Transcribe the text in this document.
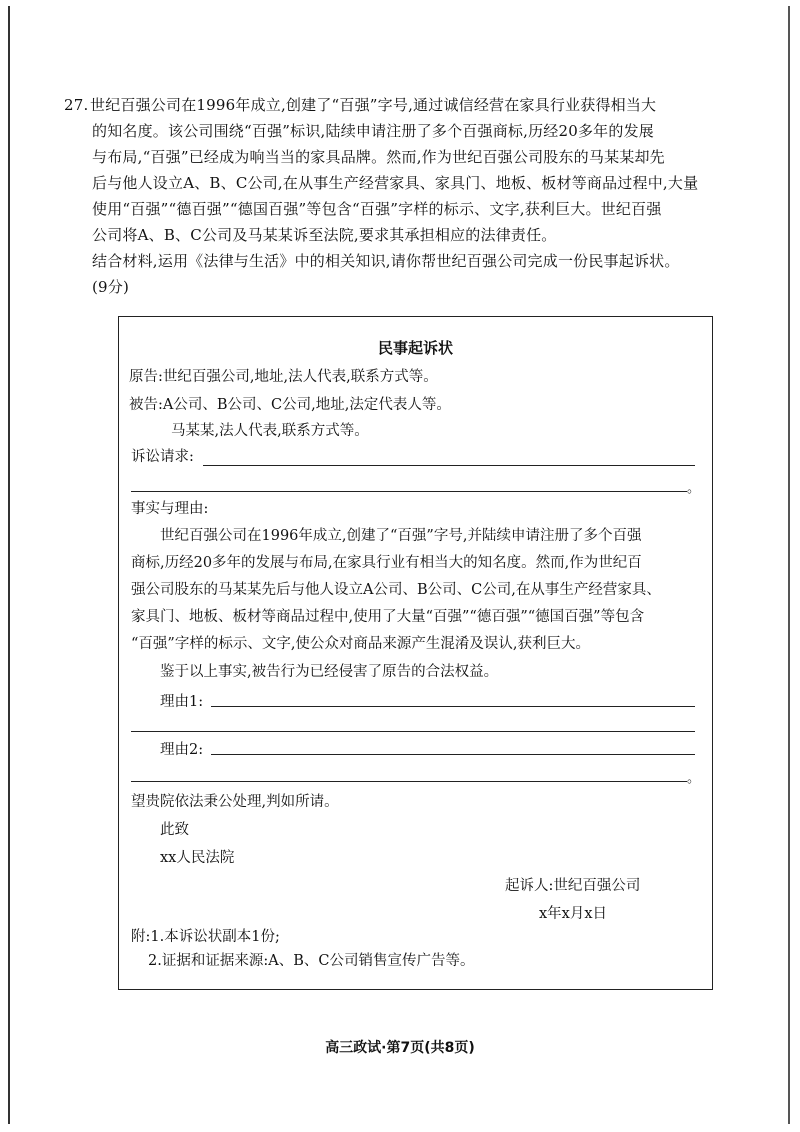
27. 世纪百强公司在1996年成立,创建了“百强”字号,通过诚信经营在家具行业获得相当大
的知名度。该公司围绕“百强”标识,陆续申请注册了多个百强商标,历经20多年的发展
与布局,“百强”已经成为响当当的家具品牌。然而,作为世纪百强公司股东的马某某却先
后与他人设立A、B、C公司,在从事生产经营家具、家具门、地板、板材等商品过程中,大量
使用“百强”“德百强”“德国百强”等包含“百强”字样的标示、文字,获利巨大。世纪百强
公司将A、B、C公司及马某某诉至法院,要求其承担相应的法律责任。
结合材料,运用《法律与生活》中的相关知识,请你帮世纪百强公司完成一份民事起诉状。
(9分)
民事起诉状
原告:世纪百强公司,地址,法人代表,联系方式等。
被告:A公司、B公司、C公司,地址,法定代表人等。
马某某,法人代表,联系方式等。
诉讼请求:
。
事实与理由:
世纪百强公司在1996年成立,创建了“百强”字号,并陆续申请注册了多个百强
商标,历经20多年的发展与布局,在家具行业有相当大的知名度。然而,作为世纪百
强公司股东的马某某先后与他人设立A公司、B公司、C公司,在从事生产经营家具、
家具门、地板、板材等商品过程中,使用了大量“百强”“德百强”“德国百强”等包含
“百强”字样的标示、文字,使公众对商品来源产生混淆及误认,获利巨大。
鉴于以上事实,被告行为已经侵害了原告的合法权益。
理由1:
理由2:
。
望贵院依法秉公处理,判如所请。
此致
xx人民法院
起诉人:世纪百强公司
x年x月x日
附:1.本诉讼状副本1份;
2.证据和证据来源:A、B、C公司销售宣传广告等。
高三政试·第7页(共8页)
